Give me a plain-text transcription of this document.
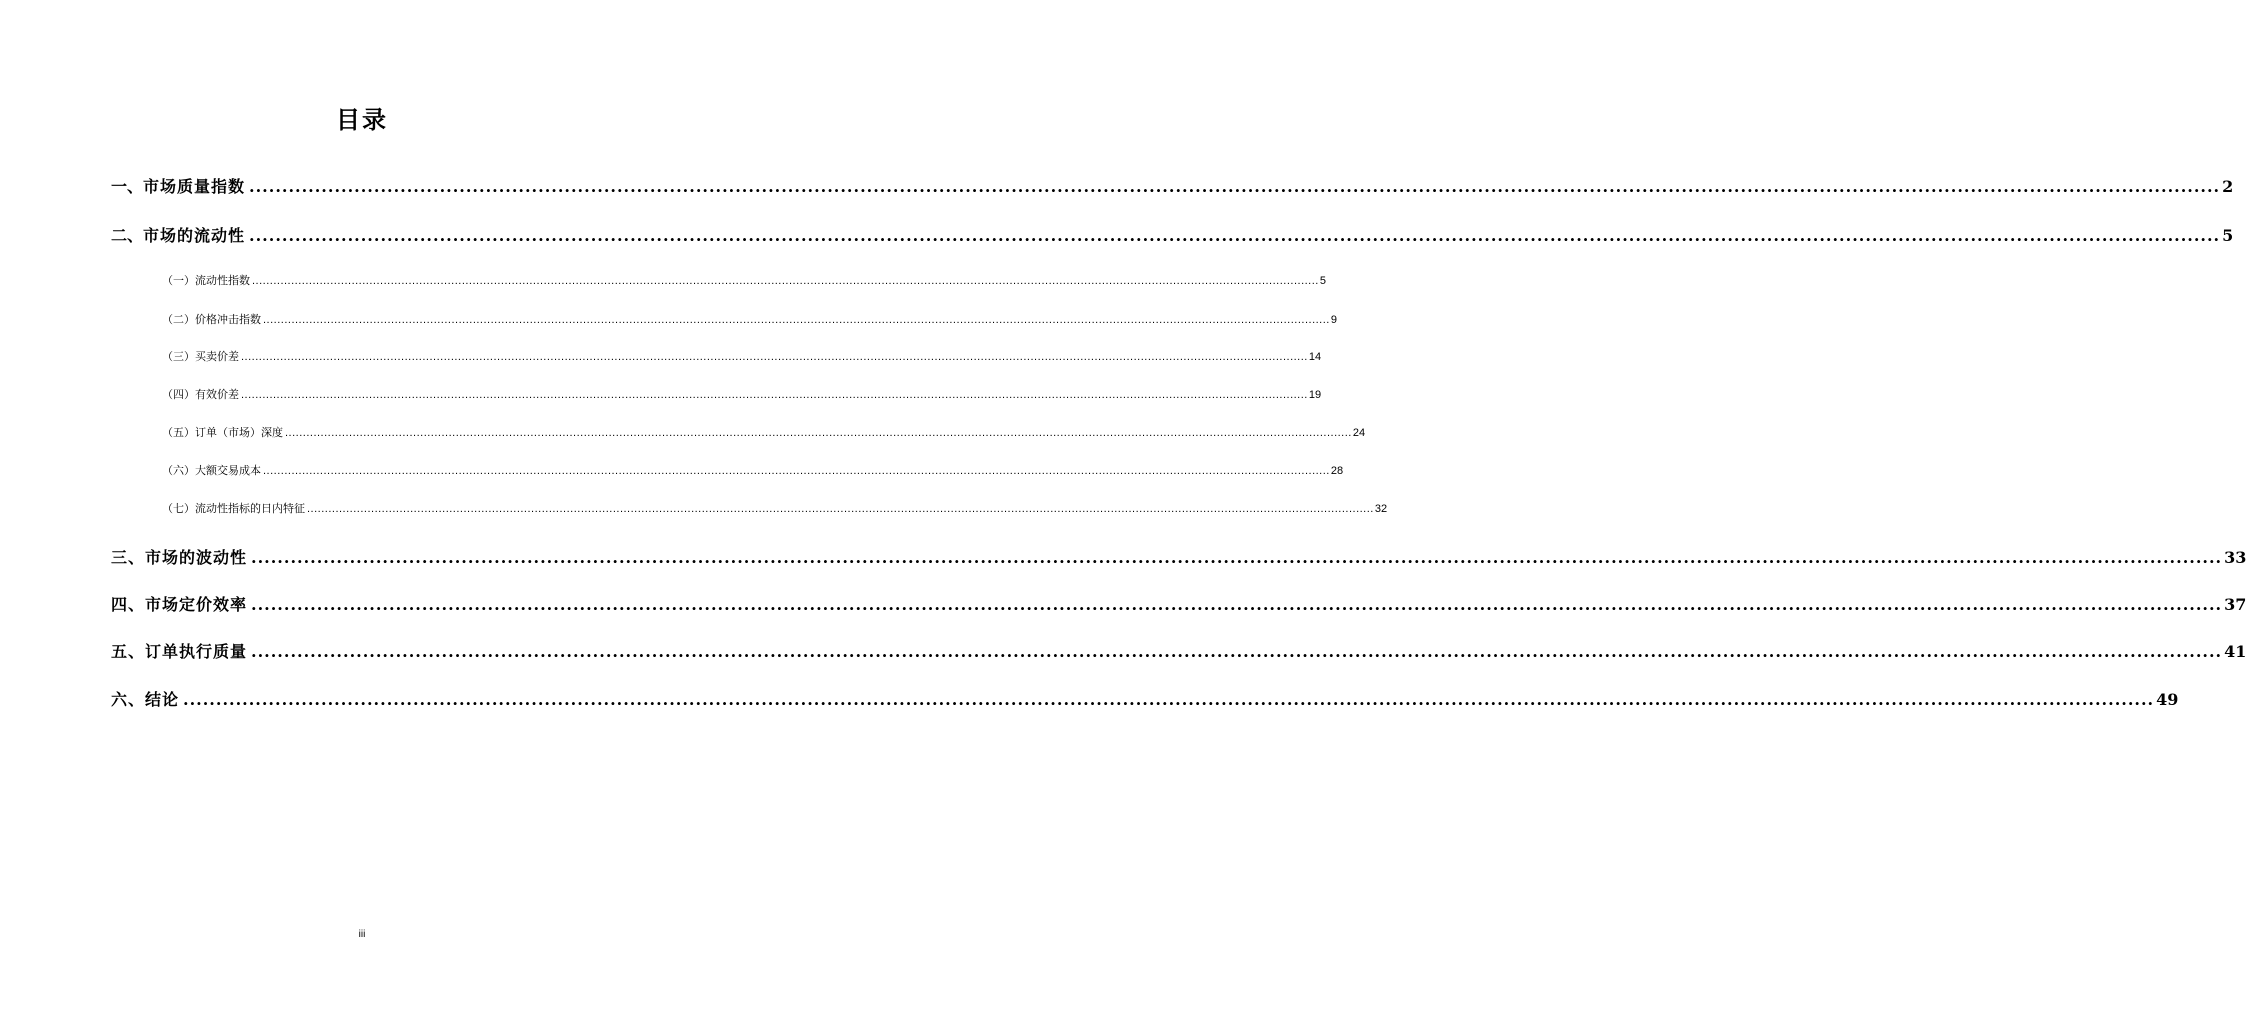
目录
一、 市场质量指数 ............................................................................................................................................................................................................................................................................................................ 2
二、 市场的流动性 ............................................................................................................................................................................................................................................................................................................ 5
（一）流动性指数 ............................................................................................................................................................................................................................................................................................................ 5
（二）价格冲击指数 ............................................................................................................................................................................................................................................................................................................ 9
（三）买卖价差 ............................................................................................................................................................................................................................................................................................................ 14
（四）有效价差 ............................................................................................................................................................................................................................................................................................................ 19
（五）订单（市场）深度 ............................................................................................................................................................................................................................................................................................................ 24
（六）大额交易成本 ............................................................................................................................................................................................................................................................................................................ 28
（七）流动性指标的日内特征 ............................................................................................................................................................................................................................................................................................................ 32
三、市场的波动性 ............................................................................................................................................................................................................................................................................................................ 33
四、市场定价效率 ............................................................................................................................................................................................................................................................................................................ 37
五、订单执行质量 ............................................................................................................................................................................................................................................................................................................ 41
六、结论 ............................................................................................................................................................................................................................................................................................................ 49
iii
